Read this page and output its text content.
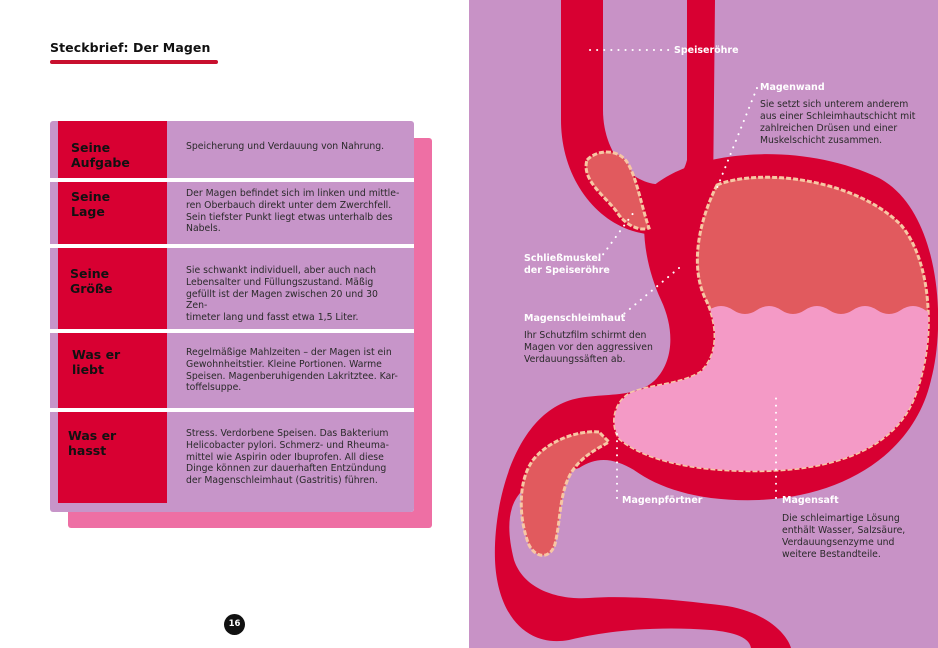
Steckbrief: Der Magen
Seine
Aufgabe
Speicherung und Verdauung von Nahrung.
Seine
Lage
Der Magen befindet sich im linken und mittle-
ren Oberbauch direkt unter dem Zwerchfell.
Sein tiefster Punkt liegt etwas unterhalb des
Nabels.
Seine
Größe
Sie schwankt individuell, aber auch nach
Lebensalter und Füllungszustand. Mäßig
gefüllt ist der Magen zwischen 20 und 30 Zen-
timeter lang und fasst etwa 1,5 Liter.
Was er
liebt
Regelmäßige Mahlzeiten – der Magen ist ein
Gewohnheitstier. Kleine Portionen. Warme
Speisen. Magenberuhigenden Lakritztee. Kar-
toffelsuppe.
Was er
hasst
Stress. Verdorbene Speisen. Das Bakterium
Helicobacter pylori. Schmerz- und Rheuma-
mittel wie Aspirin oder Ibuprofen. All diese
Dinge können zur dauerhaften Entzündung
der Magenschleimhaut (Gastritis) führen.
16
Speiseröhre
Magenwand
Sie setzt sich unterem anderem
aus einer Schleimhautschicht mit
zahlreichen Drüsen und einer
Muskelschicht zusammen.
Schließmuskel
der Speiseröhre
Magenschleimhaut
Ihr Schutzfilm schirmt den
Magen vor den aggressiven
Verdauungssäften ab.
Magenpförtner	Magensaft
Die schleimartige Lösung
enthält Wasser, Salzsäure,
Verdauungsenzyme und
weitere Bestandteile.
